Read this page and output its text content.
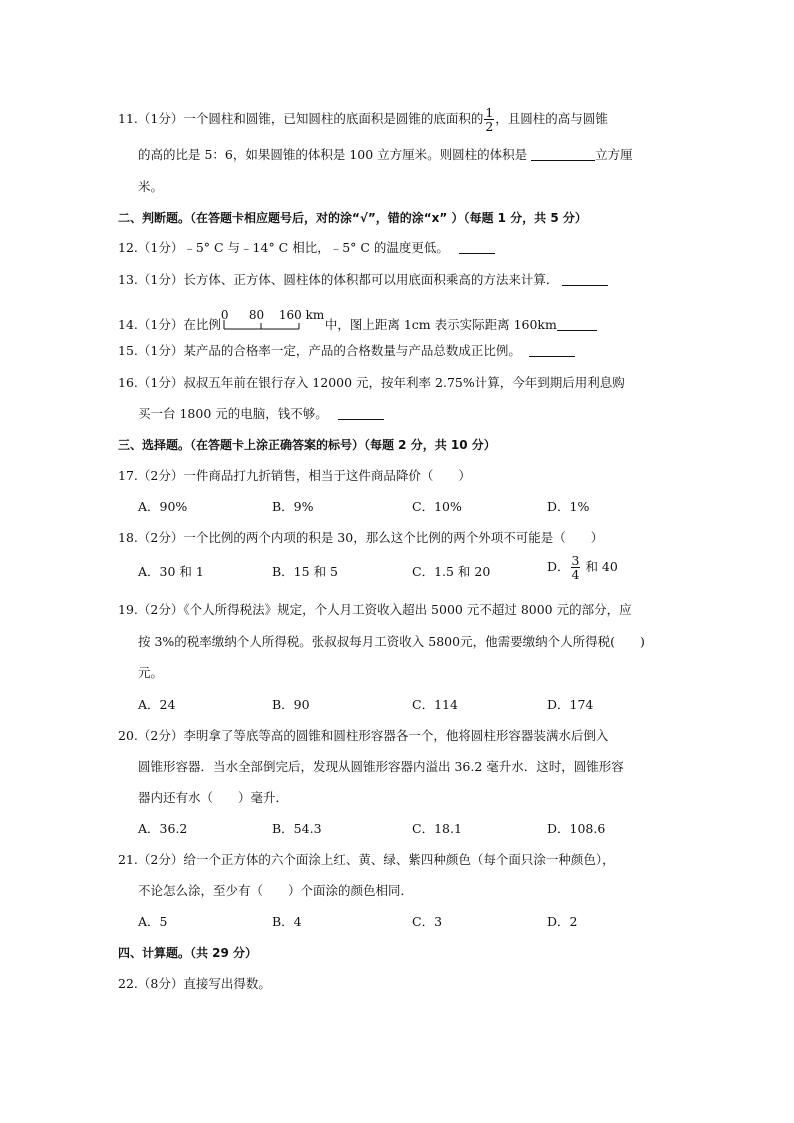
11.（1分）一个圆柱和圆锥，已知圆柱的底面积是圆锥的底面积的 $\frac{1}{2}$ ，且圆柱的高与圆锥
的高的比是 5：6，如果圆锥的体积是 100 立方厘米。则圆柱的体积是	立方厘
米。
二、判断题。（在答题卡相应题号后，对的涂“√”，错的涂“x” ）（每题 1 分，共 5 分）
12.（1分）﹣5° C 与﹣14° C 相比，﹣5° C 的温度更低。
13.（1分）长方体、正方体、圆柱体的体积都可以用底面积乘高的方法来计算．
14.（1分）在比例
0 80 160 km
中，图上距离 1cm 表示实际距离 160km
15.（1分）某产品的合格率一定，产品的合格数量与产品总数成正比例。
16.（1分）叔叔五年前在银行存入 12000 元，按年利率 2.75%计算，今年到期后用利息购
买一台 1800 元的电脑，钱不够。
三、选择题。（在答题卡上涂正确答案的标号）（每题 2 分，共 10 分）
17.（2分）一件商品打九折销售，相当于这件商品降价（　　）
A．90%	B．9%	C．10%	D．1%
18.（2分）一个比例的两个内项的积是 30，那么这个比例的两个外项不可能是（　　）
A．30 和 1	B．15 和 5	C．1.5 和 20	D． $\frac{3}{4}$ 和 40
19.（2分）《个人所得税法》规定，个人月工资收入超出 5000 元不超过 8000 元的部分，应
按 3%的税率缴纳个人所得税。张叔叔每月工资收入 5800元，他需要缴纳个人所得税(　　)
元。
A．24	B．90	C．114	D．174
20.（2分）李明拿了等底等高的圆锥和圆柱形容器各一个，他将圆柱形容器装满水后倒入
圆锥形容器．当水全部倒完后，发现从圆锥形容器内溢出 36.2 毫升水．这时，圆锥形容
器内还有水（　　）毫升．
A．36.2	B．54.3	C．18.1	D．108.6
21.（2分）给一个正方体的六个面涂上红、黄、绿、紫四种颜色（每个面只涂一种颜色），
不论怎么涂，至少有（　　）个面涂的颜色相同．
A．5	B．4	C．3	D．2
四、计算题。（共 29 分）
22.（8分）直接写出得数。
